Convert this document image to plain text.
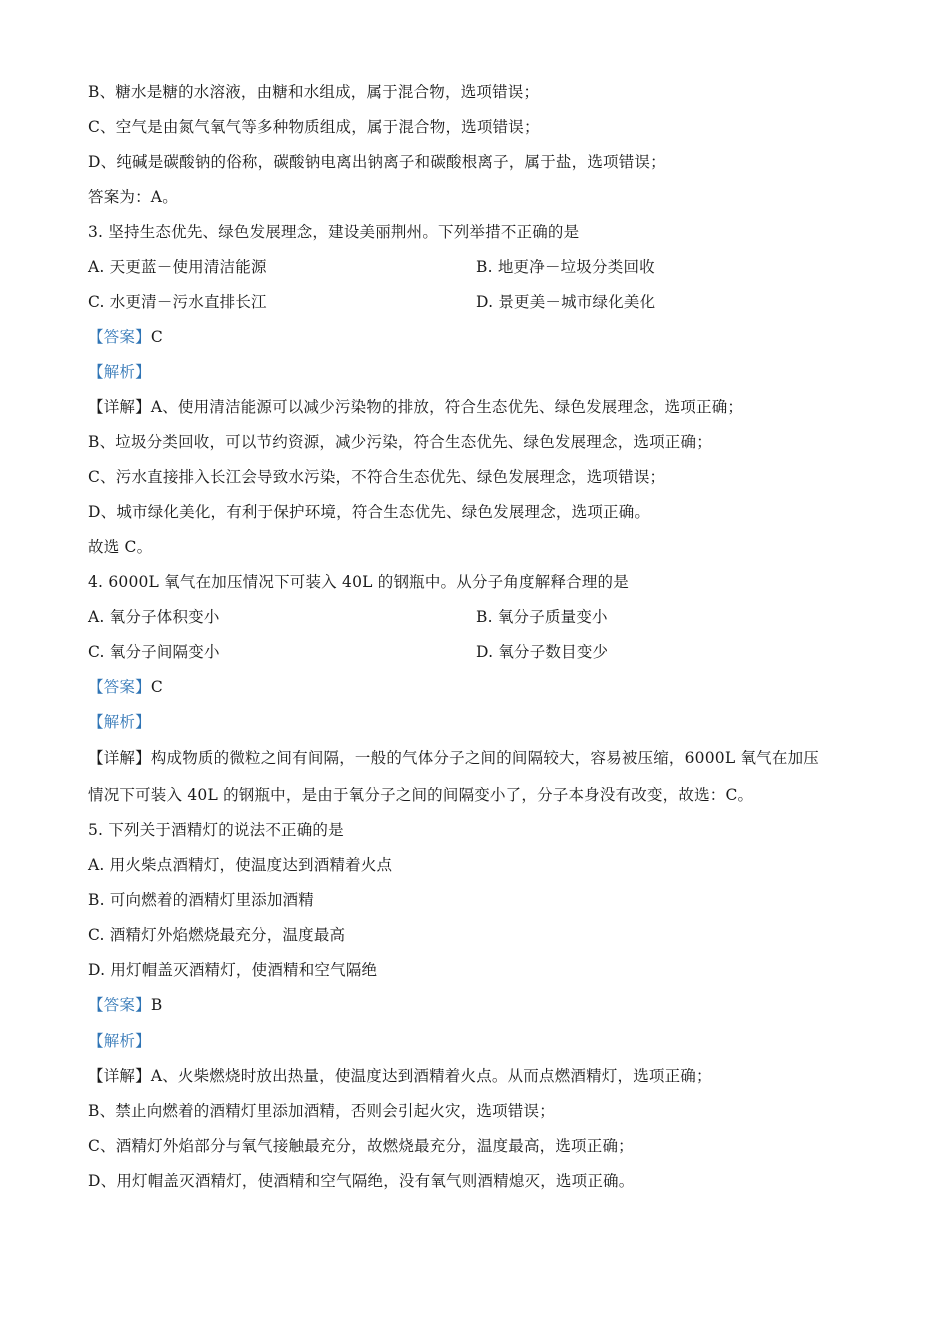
B、糖水是糖的水溶液，由糖和水组成，属于混合物，选项错误；
C、空气是由氮气氧气等多种物质组成，属于混合物，选项错误；
D、纯碱是碳酸钠的俗称，碳酸钠电离出钠离子和碳酸根离子，属于盐，选项错误；
答案为：A。
3. 坚持生态优先、绿色发展理念，建设美丽荆州。下列举措不正确的是
A. 天更蓝－使用清洁能源	B. 地更净－垃圾分类回收
C. 水更清－污水直排长江	D. 景更美－城市绿化美化
【答案】C
【解析】
【详解】A、使用清洁能源可以减少污染物的排放，符合生态优先、绿色发展理念，选项正确；
B、垃圾分类回收，可以节约资源，减少污染，符合生态优先、绿色发展理念，选项正确；
C、污水直接排入长江会导致水污染，不符合生态优先、绿色发展理念，选项错误；
D、城市绿化美化，有利于保护环境，符合生态优先、绿色发展理念，选项正确。
故选 C。
4. 6000L 氧气在加压情况下可装入 40L 的钢瓶中。从分子角度解释合理的是
A. 氧分子体积变小	B. 氧分子质量变小
C. 氧分子间隔变小	D. 氧分子数目变少
【答案】C
【解析】
【详解】构成物质的微粒之间有间隔，一般的气体分子之间的间隔较大，容易被压缩，6000L 氧气在加压
情况下可装入 40L 的钢瓶中，是由于氧分子之间的间隔变小了，分子本身没有改变，故选：C。
5. 下列关于酒精灯的说法不正确的是
A. 用火柴点酒精灯，使温度达到酒精着火点
B. 可向燃着的酒精灯里添加酒精
C. 酒精灯外焰燃烧最充分，温度最高
D. 用灯帽盖灭酒精灯，使酒精和空气隔绝
【答案】B
【解析】
【详解】A、火柴燃烧时放出热量，使温度达到酒精着火点。从而点燃酒精灯，选项正确；
B、禁止向燃着的酒精灯里添加酒精，否则会引起火灾，选项错误；
C、酒精灯外焰部分与氧气接触最充分，故燃烧最充分，温度最高，选项正确；
D、用灯帽盖灭酒精灯，使酒精和空气隔绝，没有氧气则酒精熄灭，选项正确。
